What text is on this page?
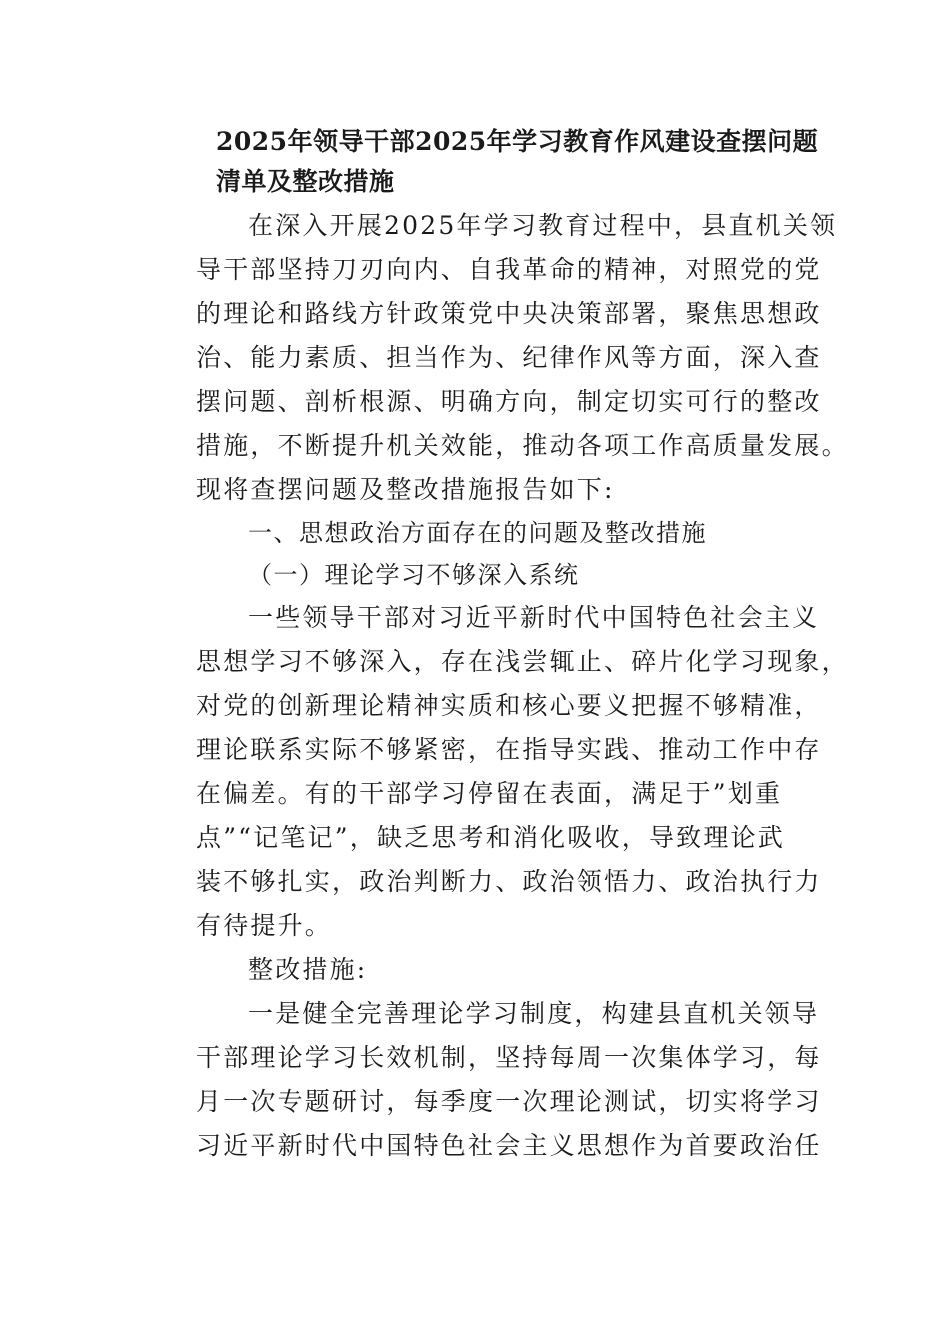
2025年领导干部2025年学习教育作风建设查摆问题
清单及整改措施
在深入开展2025年学习教育过程中，县直机关领
导干部坚持刀刃向内、自我革命的精神，对照党的党
的理论和路线方针政策党中央决策部署，聚焦思想政
治、能力素质、担当作为、纪律作风等方面，深入查
摆问题、剖析根源、明确方向，制定切实可行的整改
措施，不断提升机关效能，推动各项工作高质量发展。
现将查摆问题及整改措施报告如下:
一、思想政治方面存在的问题及整改措施
（一）理论学习不够深入系统
一些领导干部对习近平新时代中国特色社会主义
思想学习不够深入，存在浅尝辄止、碎片化学习现象，
对党的创新理论精神实质和核心要义把握不够精准，
理论联系实际不够紧密，在指导实践、推动工作中存
在偏差。有的干部学习停留在表面，满足于”划重
点”“记笔记”，缺乏思考和消化吸收，导致理论武
装不够扎实，政治判断力、政治领悟力、政治执行力
有待提升。
整改措施:
一是健全完善理论学习制度，构建县直机关领导
干部理论学习长效机制，坚持每周一次集体学习，每
月一次专题研讨，每季度一次理论测试，切实将学习
习近平新时代中国特色社会主义思想作为首要政治任
